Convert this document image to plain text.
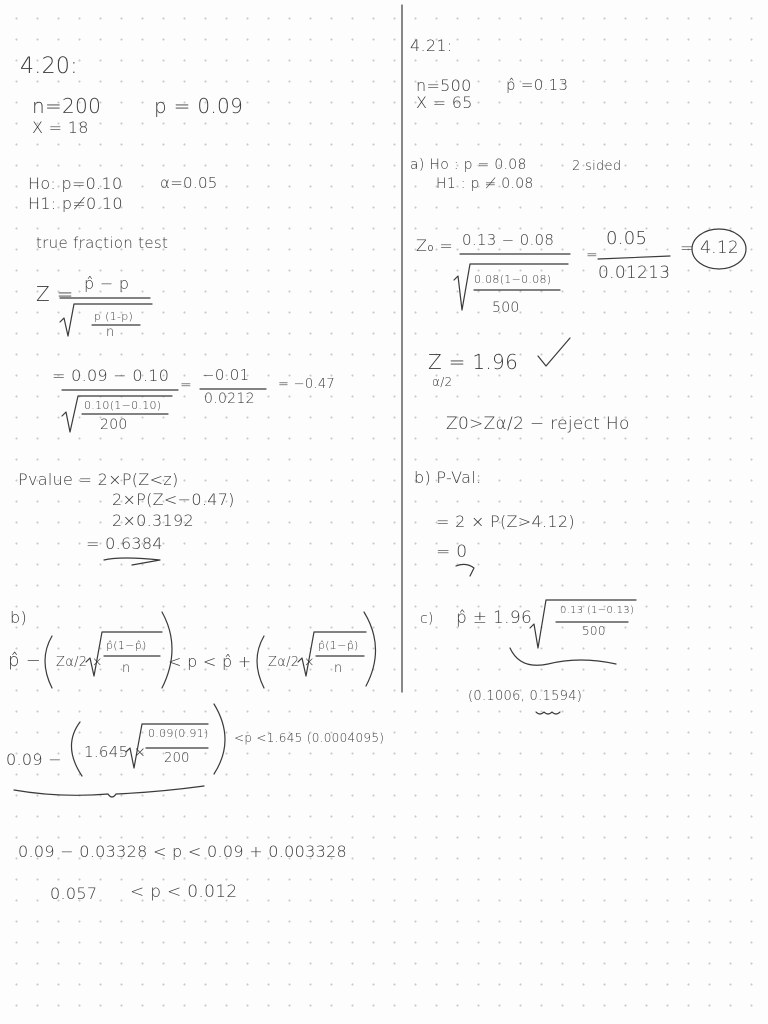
4.20:
n=200
X = 18
p = 0.09
Ho: p=0.10	α=0.05
H1: p≠0.10
true fraction test
Z = p̂ − p
p (1-p)
n
= 0.09 − 0.10
0.10(1−0.10)
200
=
−0.01
0.0212
= −0.47
Pvalue = 2×P(Z<z)
2×P(Z<−0.47)
2×0.3192
= 0.6384
b)
p̂ − Zα/2 ×
p̂(1−p̂)
n < p < p̂ + Zα/2 ×
p̂(1−p̂)
n
0.09 − 1.645 ×
0.09(0.91)
200
<p <1.645 (0.0004095)
0.09 − 0.03328 < p < 0.09 + 0.003328
0.057 < p < 0.012
4.21:
n=500 p̂ =0.13
X = 65
a) Ho : p = 0.08	2 sided
H1 : p ≠ 0.08
Z₀ = 0.13 − 0.08
0.08(1−0.08)
500
=
0.05
0.01213
= 4.12
Z = 1.96
α/2
Z0>Zα/2 − reject Ho
b) P-Val:
= 2 × P(Z>4.12)
= 0
c) p̂ ± 1.96	0.13 (1−0.13)
500
(0.1006, 0.1594)
